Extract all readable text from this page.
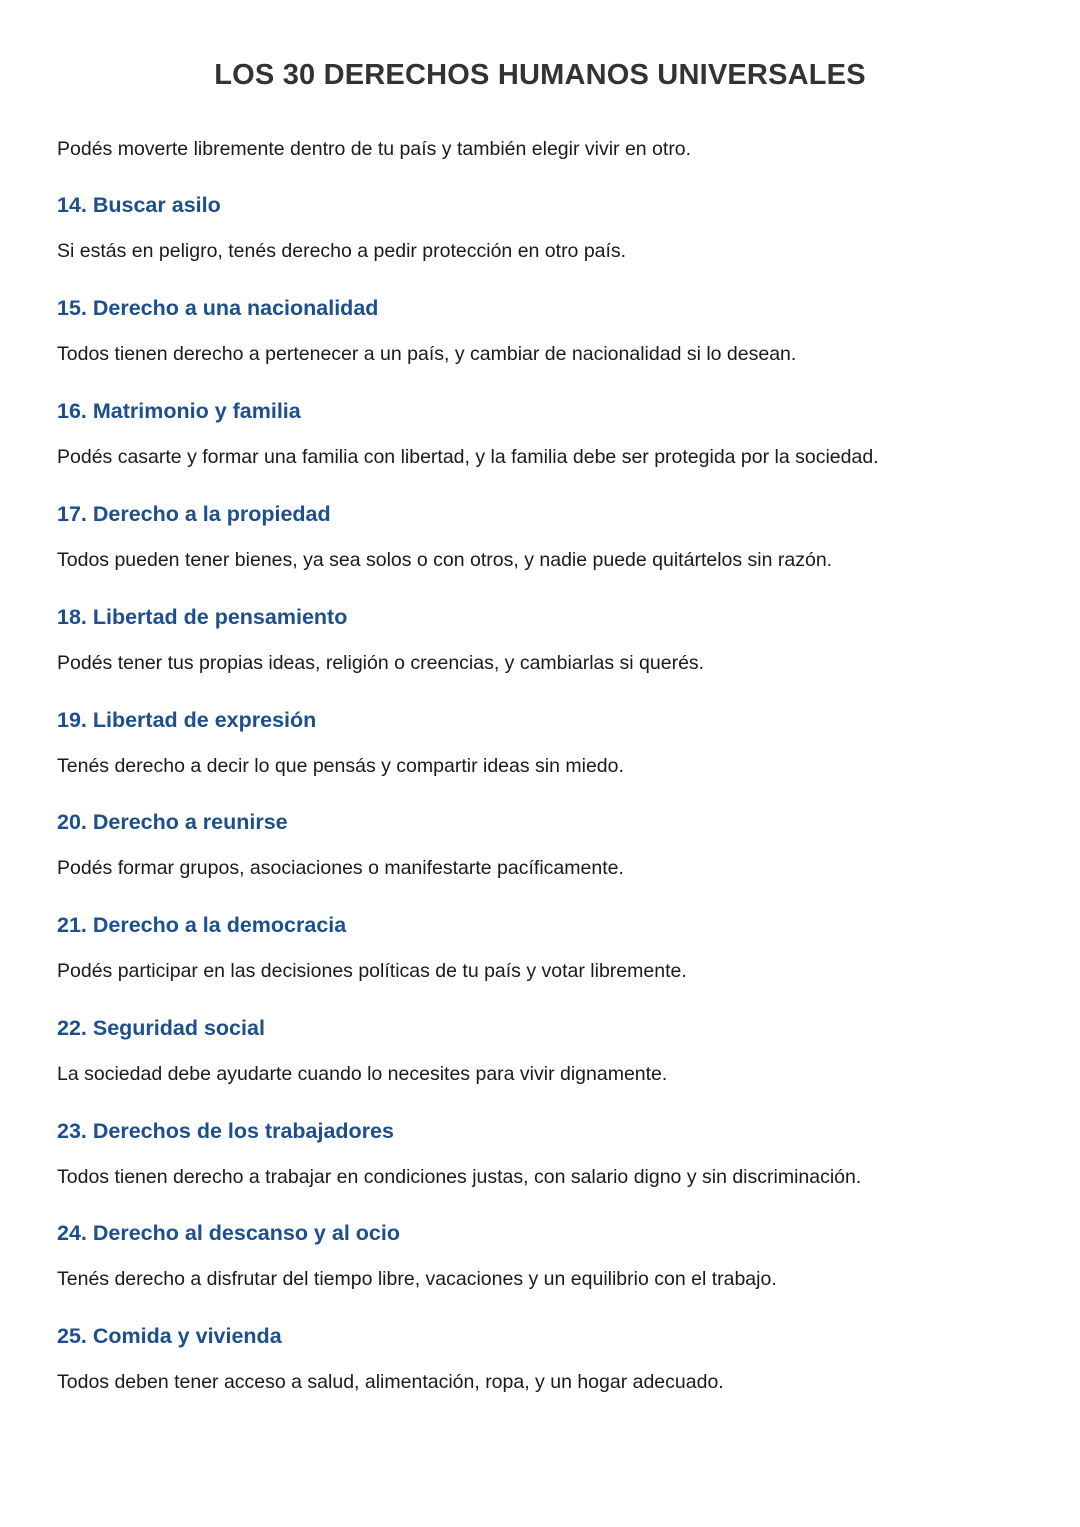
LOS 30 DERECHOS HUMANOS UNIVERSALES
Podés moverte libremente dentro de tu país y también elegir vivir en otro.
14. Buscar asilo
Si estás en peligro, tenés derecho a pedir protección en otro país.
15. Derecho a una nacionalidad
Todos tienen derecho a pertenecer a un país, y cambiar de nacionalidad si lo desean.
16. Matrimonio y familia
Podés casarte y formar una familia con libertad, y la familia debe ser protegida por la sociedad.
17. Derecho a la propiedad
Todos pueden tener bienes, ya sea solos o con otros, y nadie puede quitártelos sin razón.
18. Libertad de pensamiento
Podés tener tus propias ideas, religión o creencias, y cambiarlas si querés.
19. Libertad de expresión
Tenés derecho a decir lo que pensás y compartir ideas sin miedo.
20. Derecho a reunirse
Podés formar grupos, asociaciones o manifestarte pacíficamente.
21. Derecho a la democracia
Podés participar en las decisiones políticas de tu país y votar libremente.
22. Seguridad social
La sociedad debe ayudarte cuando lo necesites para vivir dignamente.
23. Derechos de los trabajadores
Todos tienen derecho a trabajar en condiciones justas, con salario digno y sin discriminación.
24. Derecho al descanso y al ocio
Tenés derecho a disfrutar del tiempo libre, vacaciones y un equilibrio con el trabajo.
25. Comida y vivienda
Todos deben tener acceso a salud, alimentación, ropa, y un hogar adecuado.
